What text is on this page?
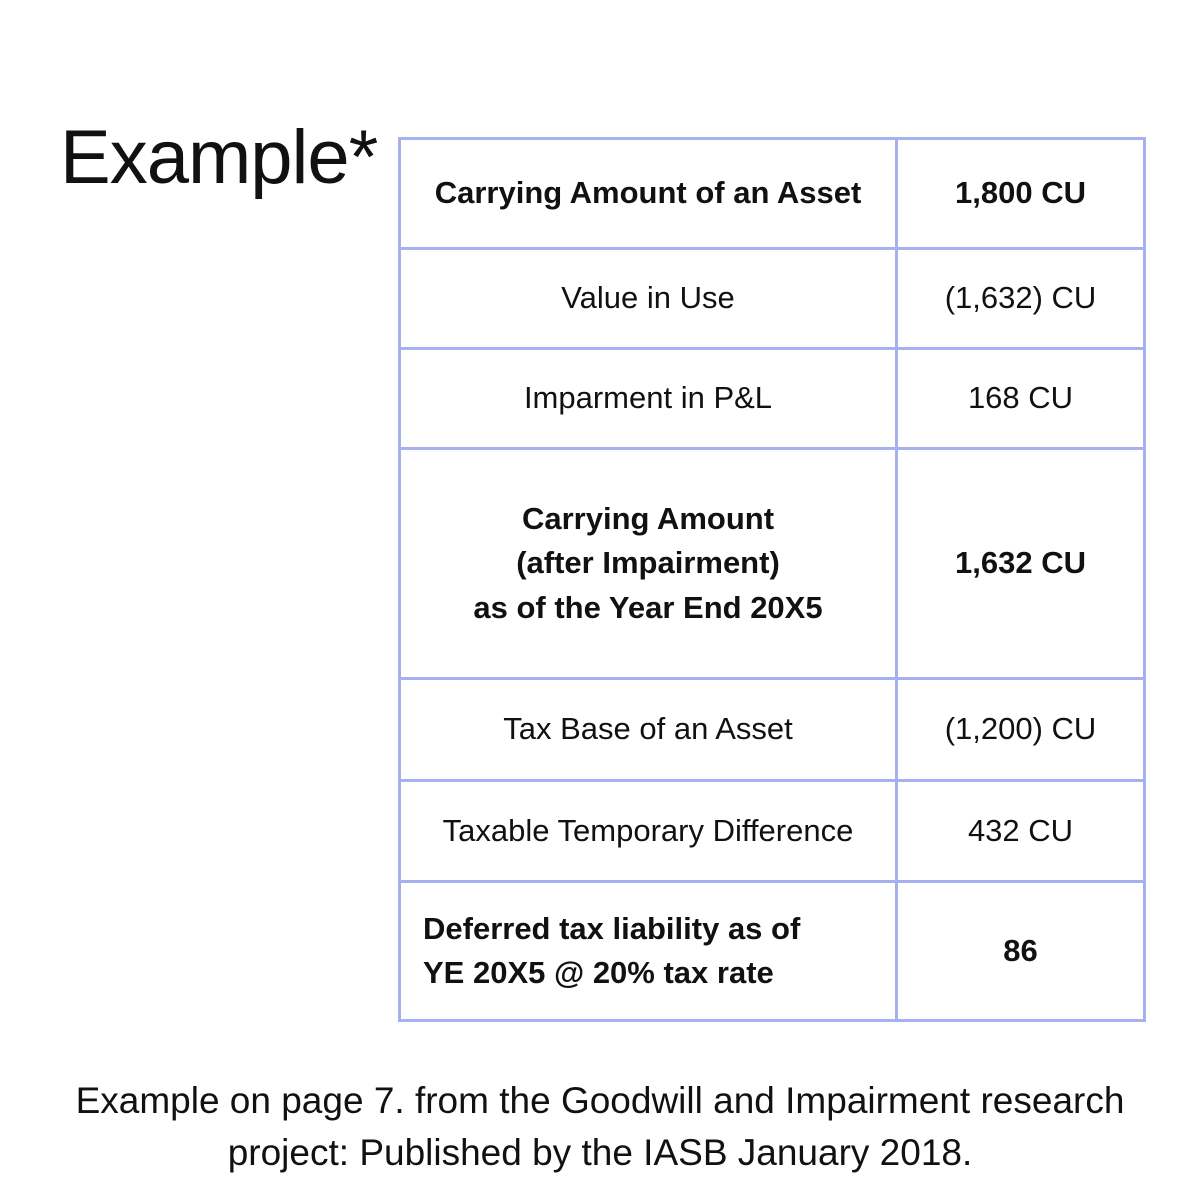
Example* Carrying Amount of an Asset	1,800 CU
Value in Use	(1,632) CU
Imparment in P&L	168 CU
Carrying Amount
(after Impairment)
as of the Year End 20X5	1,632 CU
Tax Base of an Asset	(1,200) CU
Taxable Temporary Difference	432 CU
Deferred tax liability as of
YE 20X5 @ 20% tax rate	86

Example on page 7. from the Goodwill and Impairment research
project: Published by the IASB January 2018.
